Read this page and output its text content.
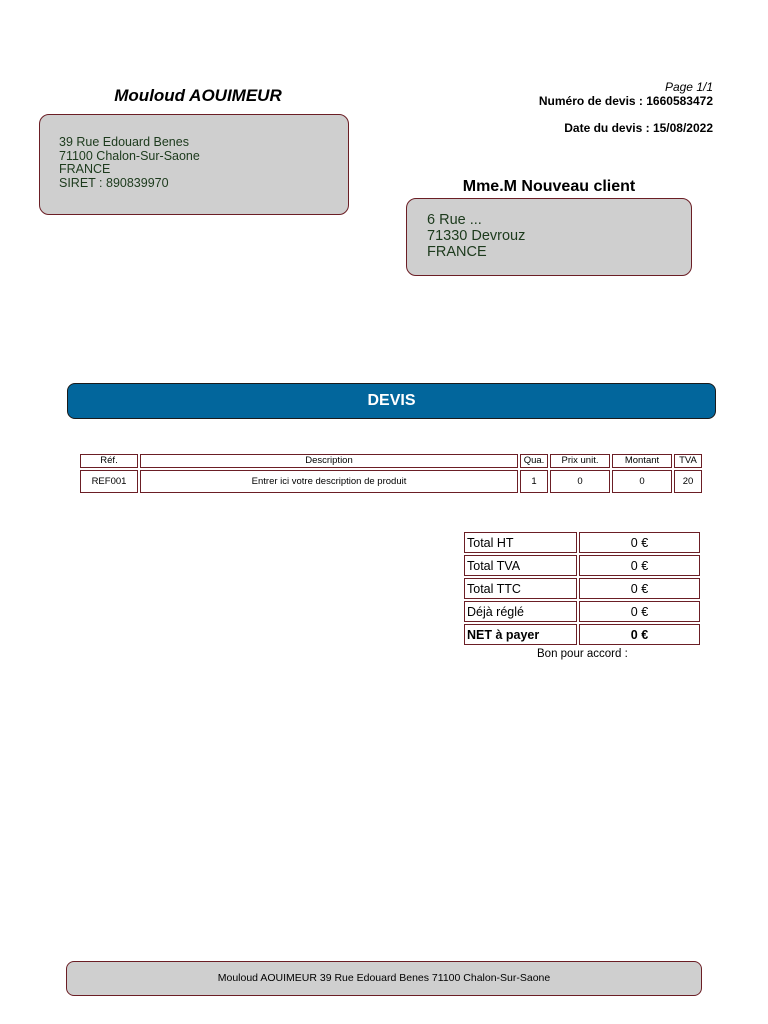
Mouloud AOUIMEUR
39 Rue Edouard Benes
71100 Chalon-Sur-Saone
FRANCE
SIRET : 890839970
Page 1/1
Numéro de devis : 1660583472
Date du devis : 15/08/2022
Mme.M Nouveau client
6 Rue ...
71330 Devrouz
FRANCE
DEVIS
Réf.	Description	Qua.	Prix unit.	Montant	TVA
REF001	Entrer ici votre description de produit	1	0	0	20
Total HT	0 €
Total TVA	0 €
Total TTC	0 €
Déjà réglé	0 €
NET à payer	0 €
Bon pour accord :
Mouloud AOUIMEUR 39 Rue Edouard Benes 71100 Chalon-Sur-Saone
